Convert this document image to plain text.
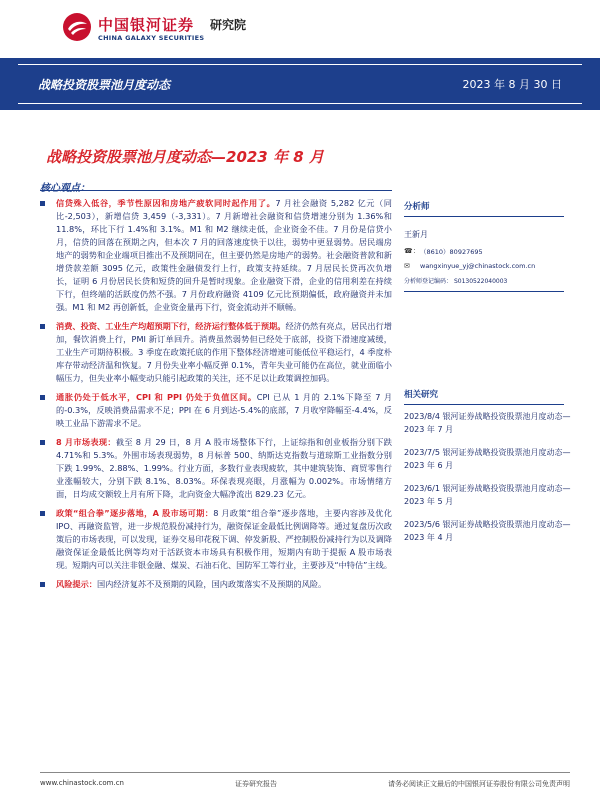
中国银河证券
CHINA GALAXY SECURITIES
研究院
战略投资股票池月度动态	2023 年 8 月 30 日
战略投资股票池月度动态—2023 年 8 月
核心观点：

信贷殊入低谷，季节性原因和房地产疲软同时起作用了。7 月社会融资 5,282 亿元（同比-2,503），新增信贷 3,459（-3,331）。7 月新增社会融资和信贷增速分别为 1.36%和 11.8%，环比下行 1.4%和 3.1%。M1 和 M2 继续走低，企业资金不佳。7 月份是信贷小月，信贷的回落在预期之内，但本次 7 月的回落速度快于以往，弱势中更显弱势。居民端房地产的弱势和企业端项目推出不及预期同在，但主要仍然是房地产的弱势。社会融资普款和新增贷款差额 3095 亿元，政策性金融债发行上行，政策支持延续。7 月居民长贷再次负增长，证明 6 月份居民长贷和短贷的回升是暂时现象。企业融资下滑，企业的信用利差在持续下行，但终端的活跃度仍然不强。7 月份政府融资 4109 亿元比预期偏低，政府融资并未加强。M1 和 M2 再创新低，企业资金量再下行，资金流动并不顺畅。

消费、投资、工业生产均超预期下行，经济运行整体低于预期。经济仍然有亮点，居民出行增加，餐饮消费上行，PMI 新订单回升。消费虽然弱势但已经处于底部，投资下滑速度减缓，工业生产可期待积极。3 季度在政策托底的作用下整体经济增速可能低位平稳运行，4 季度朴库存带动经济温和恢复。7 月份失业率小幅反弹 0.1%，青年失业可能仍在高位，就业面临小幅压力，但失业率小幅变动只能引起政策的关注，还不足以让政策调控加码。

通胀仍处于低水平，CPI 和 PPI 仍处于负值区间。CPI 已从 1 月的 2.1%下降至 7 月的-0.3%，反映消费品需求不足；PPI 在 6 月到达-5.4%的底部，7 月收窄降幅至-4.4%，反映工业品下游需求不足。

8 月市场表现：截至 8 月 29 日，8 月 A 股市场整体下行，上证综指和创业板指分别下跌 4.71%和 5.3%。外围市场表现弱势，8 月标普 500、纳斯达克指数与道琼斯工业指数分别下跌 1.99%、2.88%、1.99%。行业方面，多数行业表现疲软，其中建筑装饰、商贸零售行业涨幅较大，分别下跌 8.1%、8.03%。环保表现亮眼，月涨幅为 0.002%。市场情绪方面，日均成交额较上月有所下降，北向资金大幅净流出 829.23 亿元。

政策“组合拳”逐步落地，A 股市场可期：8 月政策“组合拳”逐步落地，主要内容涉及优化 IPO、再融资监管，进一步规范股份减持行为，融资保证金最低比例调降等。通过复盘历次政策后的市场表现，可以发现，证券交易印花税下调、停发新股、严控制股份减持行为以及调降融资保证金最低比例等均对于活跃资本市场具有积极作用，短期内有助于提振 A 股市场表现。短期内可以关注非银金融、煤炭、石油石化、国防军工等行业，主要涉及“中特估”主线。

风险提示：国内经济复苏不及预期的风险，国内政策落实不及预期的风险。

分析师
王新月
☎： （8610）80927695
✉	wangxinyue_yj@chinastock.com.cn
分析师登记编码： S0130522040003
相关研究
2023/8/4 银河证券战略投资股票池月度动态—2023 年 7 月
2023/7/5 银河证券战略投资股票池月度动态—2023 年 6 月
2023/6/1 银河证券战略投资股票池月度动态—2023 年 5 月
2023/5/6 银河证券战略投资股票池月度动态—2023 年 4 月
www.chinastock.com.cn	证券研究报告	请务必阅读正文最后的中国银河证券股份有限公司免责声明
